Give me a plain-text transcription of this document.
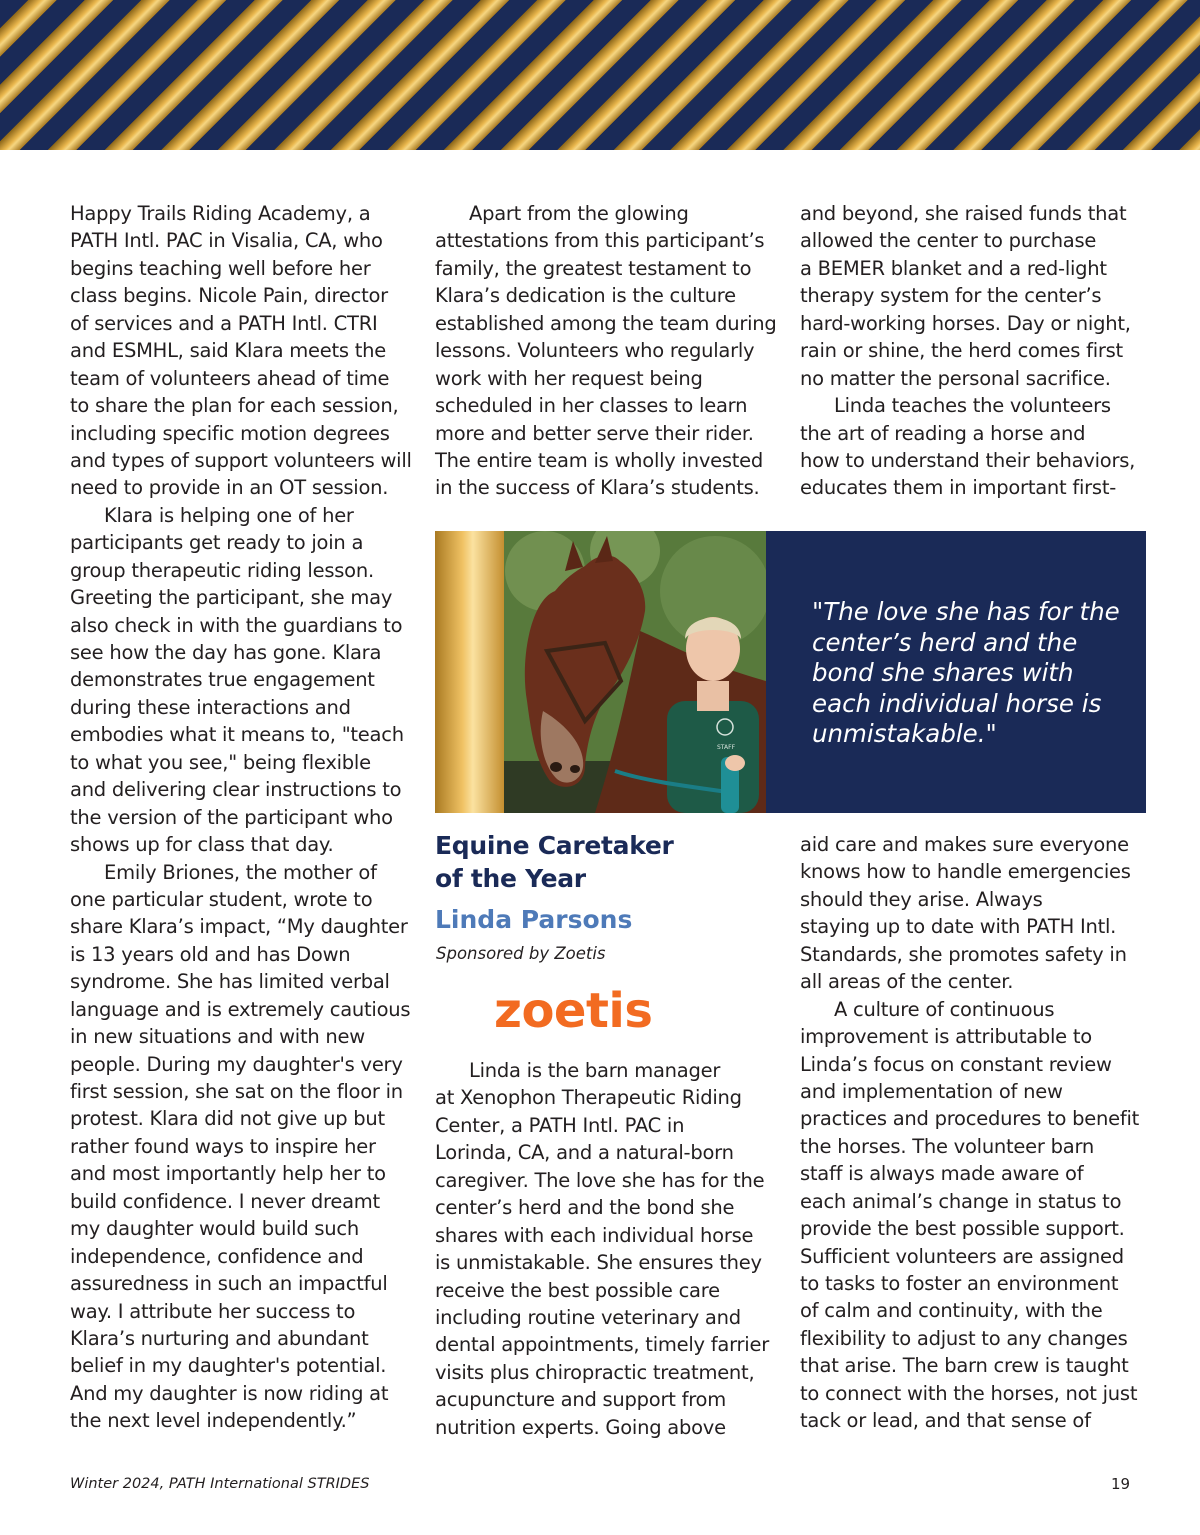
Happy Trails Riding Academy, a
PATH Intl. PAC in Visalia, CA, who
begins teaching well before her
class begins. Nicole Pain, director
of services and a PATH Intl. CTRI
and ESMHL, said Klara meets the
team of volunteers ahead of time
to share the plan for each session,
including specific motion degrees
and types of support volunteers will
need to provide in an OT session.
Klara is helping one of her
participants get ready to join a
group therapeutic riding lesson.
Greeting the participant, she may
also check in with the guardians to
see how the day has gone. Klara
demonstrates true engagement
during these interactions and
embodies what it means to, "teach
to what you see," being flexible
and delivering clear instructions to
the version of the participant who
shows up for class that day.
Emily Briones, the mother of
one particular student, wrote to
share Klara’s impact, “My daughter
is 13 years old and has Down
syndrome. She has limited verbal
language and is extremely cautious
in new situations and with new
people. During my daughter's very
first session, she sat on the floor in
protest. Klara did not give up but
rather found ways to inspire her
and most importantly help her to
build confidence. I never dreamt
my daughter would build such
independence, confidence and
assuredness in such an impactful
way. I attribute her success to
Klara’s nurturing and abundant
belief in my daughter's potential.
And my daughter is now riding at
the next level independently.”
Apart from the glowing
attestations from this participant’s
family, the greatest testament to
Klara’s dedication is the culture
established among the team during
lessons. Volunteers who regularly
work with her request being
scheduled in her classes to learn
more and better serve their rider.
The entire team is wholly invested
in the success of Klara’s students.
and beyond, she raised funds that
allowed the center to purchase
a BEMER blanket and a red-light
therapy system for the center’s
hard-working horses. Day or night,
rain or shine, the herd comes first
no matter the personal sacrifice.
Linda teaches the volunteers
the art of reading a horse and
how to understand their behaviors,
educates them in important first-
STAFF
"The love she has for the
center’s herd and the
bond she shares with
each individual horse is
unmistakable."
Equine Caretaker
of the Year
Linda Parsons
Sponsored by Zoetis
zoetis
Linda is the barn manager
at Xenophon Therapeutic Riding
Center, a PATH Intl. PAC in
Lorinda, CA, and a natural-born
caregiver. The love she has for the
center’s herd and the bond she
shares with each individual horse
is unmistakable. She ensures they
receive the best possible care
including routine veterinary and
dental appointments, timely farrier
visits plus chiropractic treatment,
acupuncture and support from
nutrition experts. Going above
aid care and makes sure everyone
knows how to handle emergencies
should they arise. Always
staying up to date with PATH Intl.
Standards, she promotes safety in
all areas of the center.
A culture of continuous
improvement is attributable to
Linda’s focus on constant review
and implementation of new
practices and procedures to benefit
the horses. The volunteer barn
staff is always made aware of
each animal’s change in status to
provide the best possible support.
Sufficient volunteers are assigned
to tasks to foster an environment
of calm and continuity, with the
flexibility to adjust to any changes
that arise. The barn crew is taught
to connect with the horses, not just
tack or lead, and that sense of
Winter 2024, PATH International STRIDES	19
